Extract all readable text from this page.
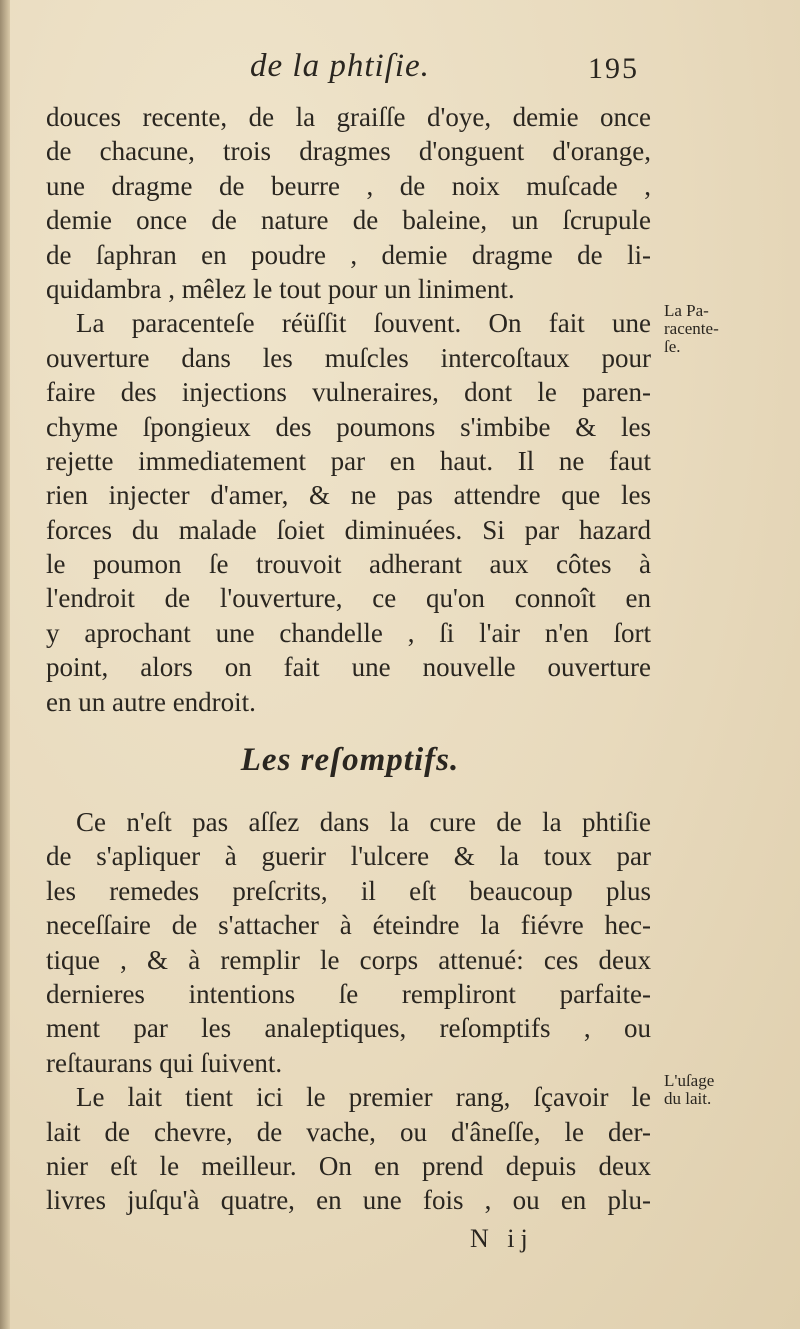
de la phtiſie.	195
douces recente, de la graiſſe d'oye, demie once
de chacune, trois dragmes d'onguent d'orange,
une dragme de beurre , de noix muſcade ,
demie once de nature de baleine, un ſcrupule
de ſaphran en poudre , demie dragme de li-
quidambra , mêlez le tout pour un liniment.
La paracenteſe réüſſit ſouvent. On fait une
ouverture dans les muſcles intercoſtaux pour
faire des injections vulneraires, dont le paren-
chyme ſpongieux des poumons s'imbibe & les
rejette immediatement par en haut. Il ne faut
rien injecter d'amer, & ne pas attendre que les
forces du malade ſoiet diminuées. Si par hazard
le poumon ſe trouvoit adherant aux côtes à
l'endroit de l'ouverture, ce qu'on connoît en
y aprochant une chandelle , ſi l'air n'en ſort
point, alors on fait une nouvelle ouverture
en un autre endroit.
La Pa-
racente-
ſe.
Les reſomptifs.
Ce n'eſt pas aſſez dans la cure de la phtiſie
de s'apliquer à guerir l'ulcere & la toux par
les remedes preſcrits, il eſt beaucoup plus
neceſſaire de s'attacher à éteindre la fiévre hec-
tique , & à remplir le corps attenué: ces deux
dernieres intentions ſe rempliront parfaite-
ment par les analeptiques, reſomptifs , ou
reſtaurans qui ſuivent.
Le lait tient ici le premier rang, ſçavoir le
lait de chevre, de vache, ou d'âneſſe, le der-
nier eſt le meilleur. On en prend depuis deux
livres juſqu'à quatre, en une fois , ou en plu-
L'uſage
du lait.
N ij
